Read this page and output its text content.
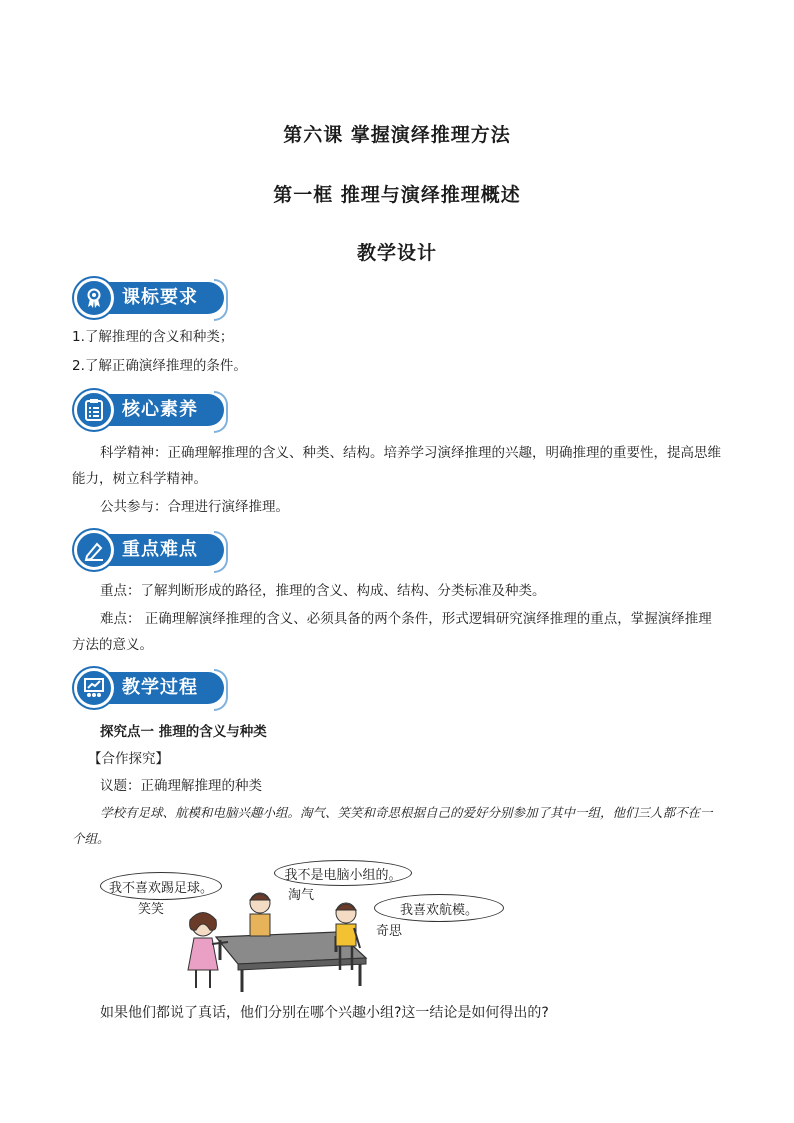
第六课 掌握演绎推理方法
第一框 推理与演绎推理概述
教学设计
课标要求
1.了解推理的含义和种类；
2.了解正确演绎推理的条件。
核心素养
科学精神：正确理解推理的含义、种类、结构。培养学习演绎推理的兴趣，明确推理的重要性，提高思维能力，树立科学精神。
公共参与：合理进行演绎推理。
重点难点
重点：了解判断形成的路径，推理的含义、构成、结构、分类标准及种类。
难点： 正确理解演绎推理的含义、必须具备的两个条件，形式逻辑研究演绎推理的重点，掌握演绎推理方法的意义。
教学过程
探究点一 推理的含义与种类
【合作探究】
议题：正确理解推理的种类
学校有足球、航模和电脑兴趣小组。淘气、笑笑和奇思根据自己的爱好分别参加了其中一组，他们三人都不在一个组。
我不喜欢踢足球。
我不是电脑小组的。
我喜欢航模。
笑笑
淘气
奇思
如果他们都说了真话，他们分别在哪个兴趣小组?这一结论是如何得出的?
